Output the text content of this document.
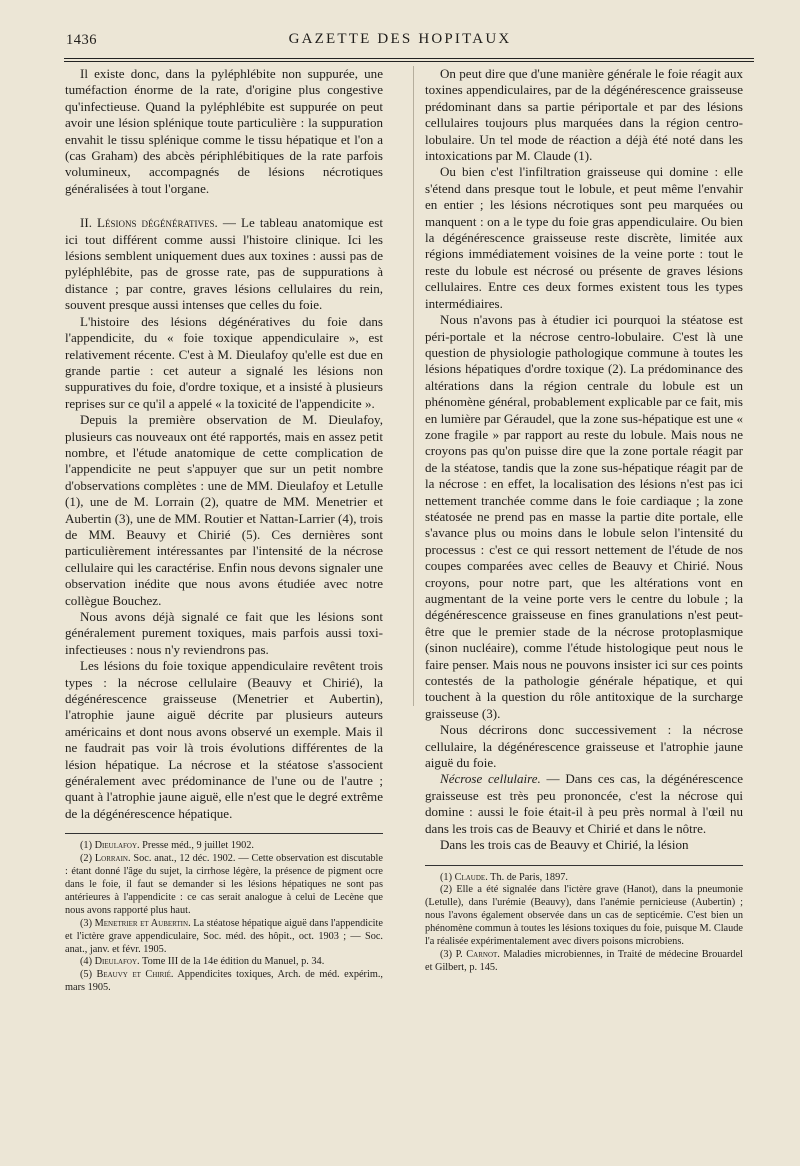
1436	GAZETTE DES HOPITAUX

Il existe donc, dans la pyléphlébite non suppurée, une tuméfaction énorme de la rate, d'origine plus congestive qu'infectieuse. Quand la pyléphlébite est suppurée on peut avoir une lésion splénique toute particulière : la suppuration envahit le tissu splénique comme le tissu hépatique et l'on a (cas Graham) des abcès périphlébitiques de la rate parfois volumineux, accompagnés de lésions nécrotiques généralisées à tout l'organe.

II. Lésions dégénératives. — Le tableau anatomique est ici tout différent comme aussi l'histoire clinique. Ici les lésions semblent uniquement dues aux toxines : aussi pas de pyléphlébite, pas de grosse rate, pas de suppurations à distance ; par contre, graves lésions cellulaires du rein, souvent presque aussi intenses que celles du foie.

L'histoire des lésions dégénératives du foie dans l'appendicite, du « foie toxique appendiculaire », est relativement récente. C'est à M. Dieulafoy qu'elle est due en grande partie : cet auteur a signalé les lésions non suppuratives du foie, d'ordre toxique, et a insisté à plusieurs reprises sur ce qu'il a appelé « la toxicité de l'appendicite ».

Depuis la première observation de M. Dieulafoy, plusieurs cas nouveaux ont été rapportés, mais en assez petit nombre, et l'étude anatomique de cette complication de l'appendicite ne peut s'appuyer que sur un petit nombre d'observations complètes : une de MM. Dieulafoy et Letulle (1), une de M. Lorrain (2), quatre de MM. Menetrier et Aubertin (3), une de MM. Routier et Nattan-Larrier (4), trois de MM. Beauvy et Chirié (5). Ces dernières sont particulièrement intéressantes par l'intensité de la nécrose cellulaire qui les caractérise. Enfin nous devons signaler une observation inédite que nous avons étudiée avec notre collègue Bouchez.

Nous avons déjà signalé ce fait que les lésions sont généralement purement toxiques, mais parfois aussi toxi-infectieuses : nous n'y reviendrons pas.

Les lésions du foie toxique appendiculaire revêtent trois types : la nécrose cellulaire (Beauvy et Chirié), la dégénérescence graisseuse (Menetrier et Aubertin), l'atrophie jaune aiguë décrite par plusieurs auteurs américains et dont nous avons observé un exemple. Mais il ne faudrait pas voir là trois évolutions différentes de la lésion hépatique. La nécrose et la stéatose s'associent généralement avec prédominance de l'une ou de l'autre ; quant à l'atrophie jaune aiguë, elle n'est que le degré extrême de la dégénérescence hépatique.

(1) Dieulafoy. Presse méd., 9 juillet 1902.

(2) Lorrain. Soc. anat., 12 déc. 1902. — Cette observation est discutable : étant donné l'âge du sujet, la cirrhose légère, la présence de pigment ocre dans le foie, il faut se demander si les lésions hépatiques ne sont pas antérieures à l'appendicite : ce cas serait analogue à celui de Lecène que nous avons rapporté plus haut.

(3) Menetrier et Aubertin. La stéatose hépatique aiguë dans l'appendicite et l'ictère grave appendiculaire, Soc. méd. des hôpit., oct. 1903 ; — Soc. anat., janv. et févr. 1905.

(4) Dieulafoy. Tome III de la 14e édition du Manuel, p. 34.

(5) Beauvy et Chirié. Appendicites toxiques, Arch. de méd. expérim., mars 1905.

On peut dire que d'une manière générale le foie réagit aux toxines appendiculaires, par de la dégénérescence graisseuse prédominant dans sa partie périportale et par des lésions cellulaires toujours plus marquées dans la région centro-lobulaire. Un tel mode de réaction a déjà été noté dans les intoxications par M. Claude (1).

Ou bien c'est l'infiltration graisseuse qui domine : elle s'étend dans presque tout le lobule, et peut même l'envahir en entier ; les lésions nécrotiques sont peu marquées ou manquent : on a le type du foie gras appendiculaire. Ou bien la dégénérescence graisseuse reste discrète, limitée aux régions immédiatement voisines de la veine porte : tout le reste du lobule est nécrosé ou présente de graves lésions cellulaires. Entre ces deux formes existent tous les types intermédiaires.

Nous n'avons pas à étudier ici pourquoi la stéatose est péri-portale et la nécrose centro-lobulaire. C'est là une question de physiologie pathologique commune à toutes les lésions hépatiques d'ordre toxique (2). La prédominance des altérations dans la région centrale du lobule est un phénomène général, probablement explicable par ce fait, mis en lumière par Géraudel, que la zone sus-hépatique est une « zone fragile » par rapport au reste du lobule. Mais nous ne croyons pas qu'on puisse dire que la zone portale réagit par de la stéatose, tandis que la zone sus-hépatique réagit par de la nécrose : en effet, la localisation des lésions n'est pas ici nettement tranchée comme dans le foie cardiaque ; la zone stéatosée ne prend pas en masse la partie dite portale, elle s'avance plus ou moins dans le lobule selon l'intensité du processus : c'est ce qui ressort nettement de l'étude de nos coupes comparées avec celles de Beauvy et Chirié. Nous croyons, pour notre part, que les altérations vont en augmentant de la veine porte vers le centre du lobule ; la dégénérescence graisseuse en fines granulations n'est peut-être que le premier stade de la nécrose protoplasmique (sinon nucléaire), comme l'étude histologique peut nous le faire penser. Mais nous ne pouvons insister ici sur ces points contestés de la pathologie générale hépatique, et qui touchent à la question du rôle antitoxique de la surcharge graisseuse (3).

Nous décrirons donc successivement : la nécrose cellulaire, la dégénérescence graisseuse et l'atrophie jaune aiguë du foie.

Nécrose cellulaire. — Dans ces cas, la dégénérescence graisseuse est très peu prononcée, c'est la nécrose qui domine : aussi le foie était-il à peu près normal à l'œil nu dans les trois cas de Beauvy et Chirié et dans le nôtre.

Dans les trois cas de Beauvy et Chirié, la lésion

(1) Claude. Th. de Paris, 1897.

(2) Elle a été signalée dans l'ictère grave (Hanot), dans la pneumonie (Letulle), dans l'urémie (Beauvy), dans l'anémie pernicieuse (Aubertin) ; nous l'avons également observée dans un cas de septicémie. C'est bien un phénomène commun à toutes les lésions toxiques du foie, puisque M. Claude l'a réalisée expérimentalement avec divers poisons microbiens.

(3) P. Carnot. Maladies microbiennes, in Traité de médecine Brouardel et Gilbert, p. 145.
